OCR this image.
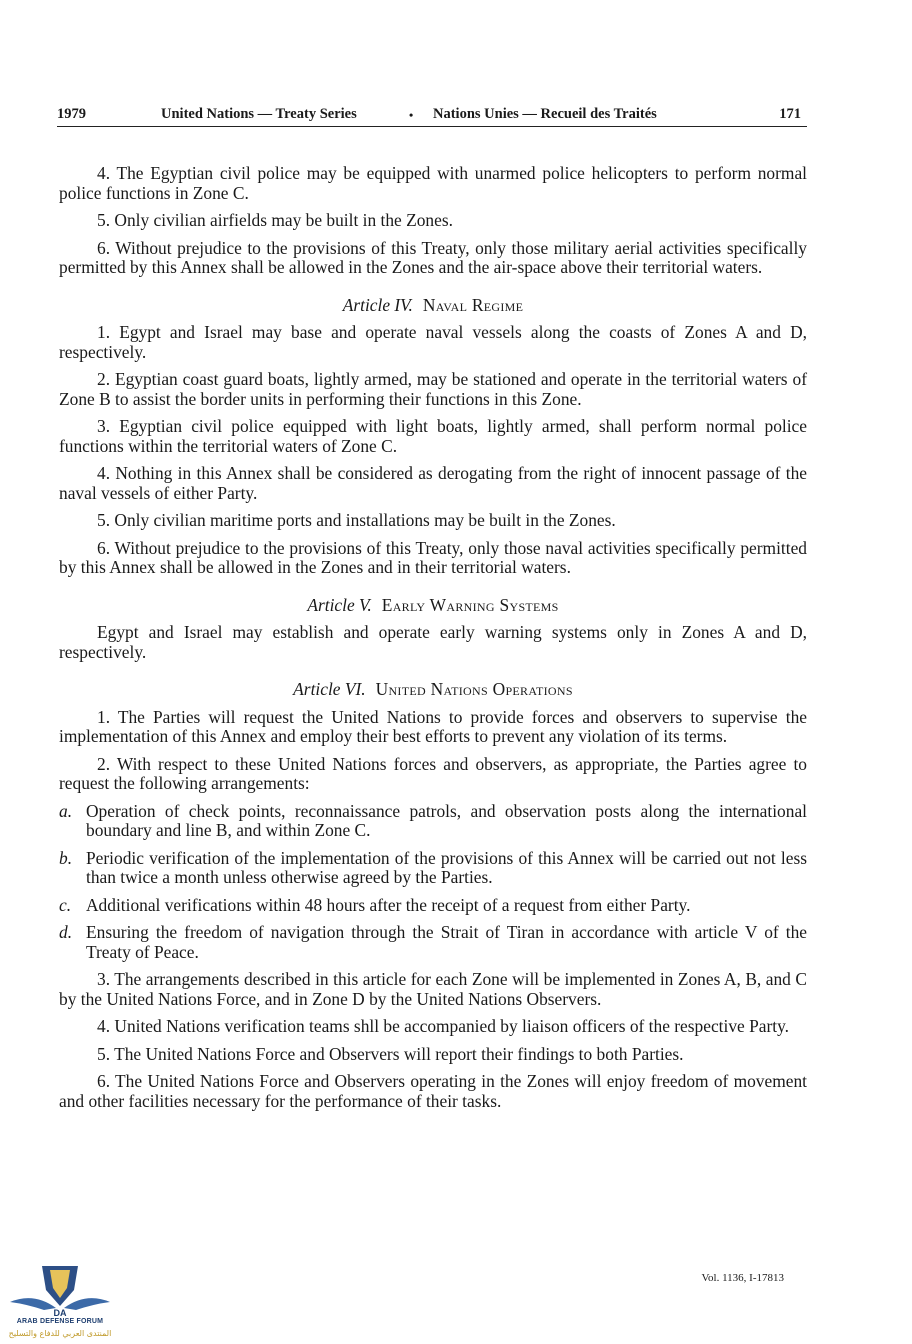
1979	United Nations — Treaty Series	• Nations Unies — Recueil des Traités	171

4. The Egyptian civil police may be equipped with unarmed police helicopters to perform normal police functions in Zone C.

5. Only civilian airfields may be built in the Zones.

6. Without prejudice to the provisions of this Treaty, only those military aerial activities specifically permitted by this Annex shall be allowed in the Zones and the air-space above their territorial waters.

Article IV. Naval Regime

1. Egypt and Israel may base and operate naval vessels along the coasts of Zones A and D, respectively.

2. Egyptian coast guard boats, lightly armed, may be stationed and operate in the territorial waters of Zone B to assist the border units in performing their functions in this Zone.

3. Egyptian civil police equipped with light boats, lightly armed, shall perform normal police functions within the territorial waters of Zone C.

4. Nothing in this Annex shall be considered as derogating from the right of innocent passage of the naval vessels of either Party.

5. Only civilian maritime ports and installations may be built in the Zones.

6. Without prejudice to the provisions of this Treaty, only those naval activities specifically permitted by this Annex shall be allowed in the Zones and in their territorial waters.

Article V. Early Warning Systems

Egypt and Israel may establish and operate early warning systems only in Zones A and D, respectively.

Article VI. United Nations Operations

1. The Parties will request the United Nations to provide forces and observers to supervise the implementation of this Annex and employ their best efforts to prevent any violation of its terms.

2. With respect to these United Nations forces and observers, as appropriate, the Parties agree to request the following arrangements:

a. Operation of check points, reconnaissance patrols, and observation posts along the international boundary and line B, and within Zone C.
b. Periodic verification of the implementation of the provisions of this Annex will be carried out not less than twice a month unless otherwise agreed by the Parties.
c. Additional verifications within 48 hours after the receipt of a request from either Party.
d. Ensuring the freedom of navigation through the Strait of Tiran in accordance with article V of the Treaty of Peace.

3. The arrangements described in this article for each Zone will be implemented in Zones A, B, and C by the United Nations Force, and in Zone D by the United Nations Observers.

4. United Nations verification teams shll be accompanied by liaison officers of the respective Party.

5. The United Nations Force and Observers will report their findings to both Parties.

6. The United Nations Force and Observers operating in the Zones will enjoy freedom of movement and other facilities necessary for the performance of their tasks.

Vol. 1136, I-17813
DA
ARAB DEFENSE FORUM
المنتدى العربي للدفاع والتسليح
